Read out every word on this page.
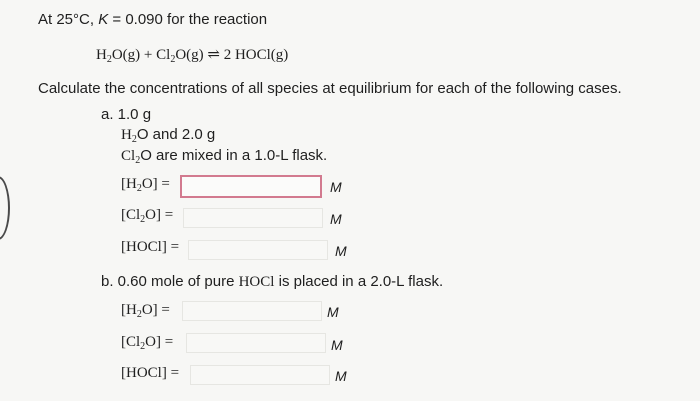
At 25°C, K = 0.090 for the reaction
$H_2O(g) + Cl_2O(g)$ ⇌ 2 HOCl(g)
Calculate the concentrations of all species at equilibrium for each of the following cases.
a. 1.0 g
$H_2O$ and 2.0 g
$Cl_2O$ are mixed in a 1.0-L flask.
$[H_2O]$ =	M
$[Cl_2O]$ =	M
[HOCl] =	M
b. 0.60 mole of pure HOCl is placed in a 2.0-L flask.
$[H_2O]$ =	M
$[Cl_2O]$ =	M
[HOCl] =	M
